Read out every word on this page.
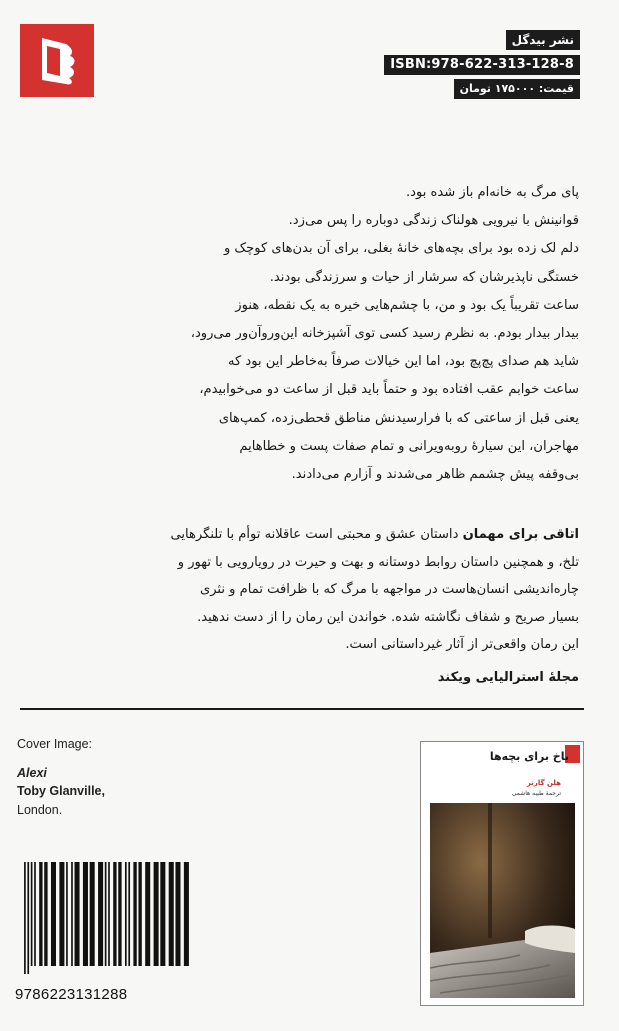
نشر بیدگل
ISBN:978-622-313-128-8
قیمت: ۱۷۵۰۰۰ تومان
پای مرگ به خانه‌ام باز شده بود.
قوانینش با نیرویی هولناک زندگی دوباره را پس می‌زد.
دلم لک زده بود برای بچه‌های خانهٔ بغلی، برای آن بدن‌های کوچک و
خستگی ناپذیرشان که سرشار از حیات و سرزندگی بودند.
ساعت تقریباً یک بود و من، با چشم‌هایی خیره به یک نقطه، هنوز
بیدار بیدار بودم. به نظرم رسید کسی توی آشپزخانه این‌ورو‌آن‌ور می‌رود،
شاید هم صدای پچ‌پچ بود، اما این خیالات صرفاً به‌خاطر این بود که
ساعت خوابم عقب افتاده بود و حتماً باید قبل از ساعت دو می‌خوابیدم،
یعنی قبل از ساعتی که با فرارسیدنش مناطق قحطی‌زده، کمپ‌های
مهاجران، این سیارهٔ روبه‌ویرانی و تمام صفات پست و خطاهایم
بی‌وقفه پیش چشمم ظاهر می‌شدند و آزارم می‌دادند.
اتاقی برای مهمان داستان عشق و محبتی است عاقلانه توأم با تلنگرهایی
تلخ، و همچنین داستان روابط دوستانه و بهت و حیرت در رویارویی با تهور و
چاره‌اندیشی انسان‌هاست در مواجهه با مرگ که با ظرافت تمام و نثری
بسیار صریح و شفاف نگاشته شده. خواندن این رمان را از دست ندهید.
این رمان واقعی‌تر از آثار غیرداستانی است.
مجلهٔ استرالیایی ویکند
Cover Image:
Alexi
Toby Glanville,
London.
9786223131288
باخ برای بچه‌ها
هلن گارنر
ترجمهٔ طیبه هاشمی
